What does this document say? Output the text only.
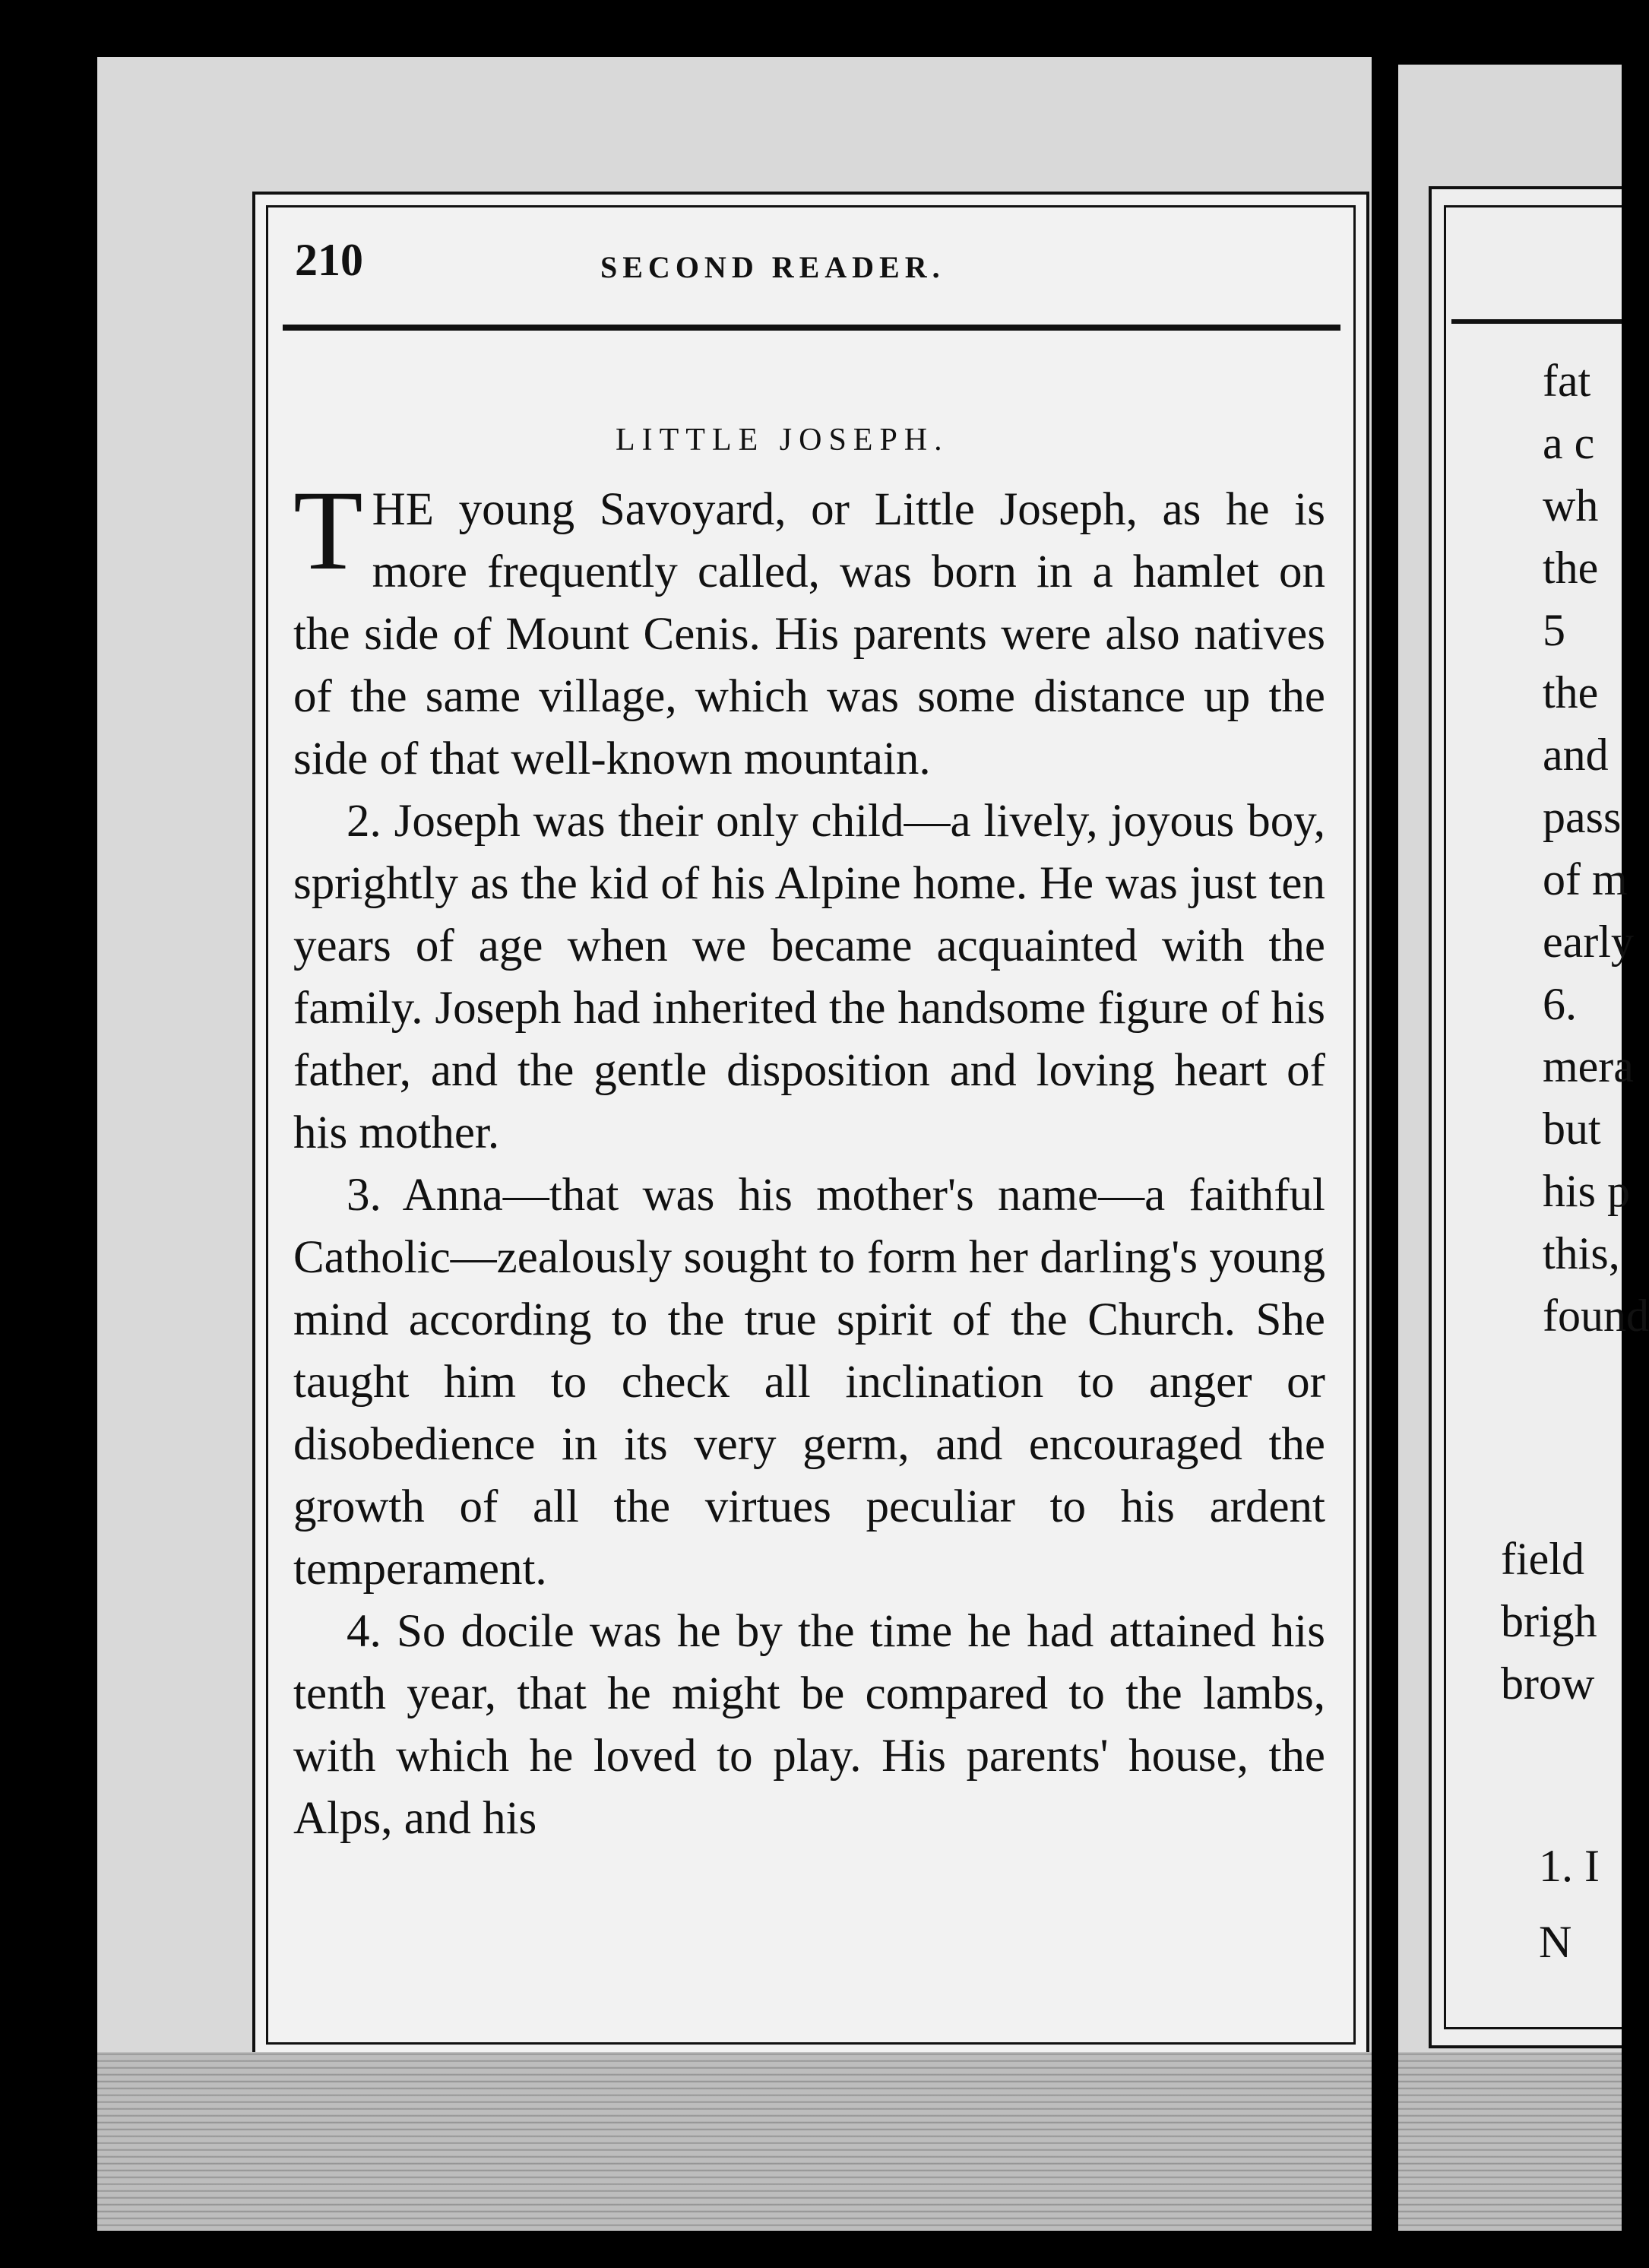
210	SECOND READER.
LITTLE JOSEPH.

THE young Savoyard, or Little Joseph, as he is more frequently called, was born in a hamlet on the side of Mount Cenis. His parents were also natives of the same village, which was some distance up the side of that well-known mountain.

2. Joseph was their only child—a lively, joyous boy, sprightly as the kid of his Alpine home. He was just ten years of age when we became acquainted with the family. Joseph had inherited the handsome figure of his father, and the gentle disposition and loving heart of his mother.

3. Anna—that was his mother's name—a faithful Catholic—zealously sought to form her darling's young mind according to the true spirit of the Church. She taught him to check all inclination to anger or disobedience in its very germ, and encouraged the growth of all the virtues peculiar to his ardent temperament.

4. So docile was he by the time he had attained his tenth year, that he might be compared to the lambs, with which he loved to play. His parents' house, the Alps, and his

fat
a c
wh
the
5
the
and
pass
of m
early
6.
mera
but
his p
this,
found
field
brigh
brow
1. I
N
